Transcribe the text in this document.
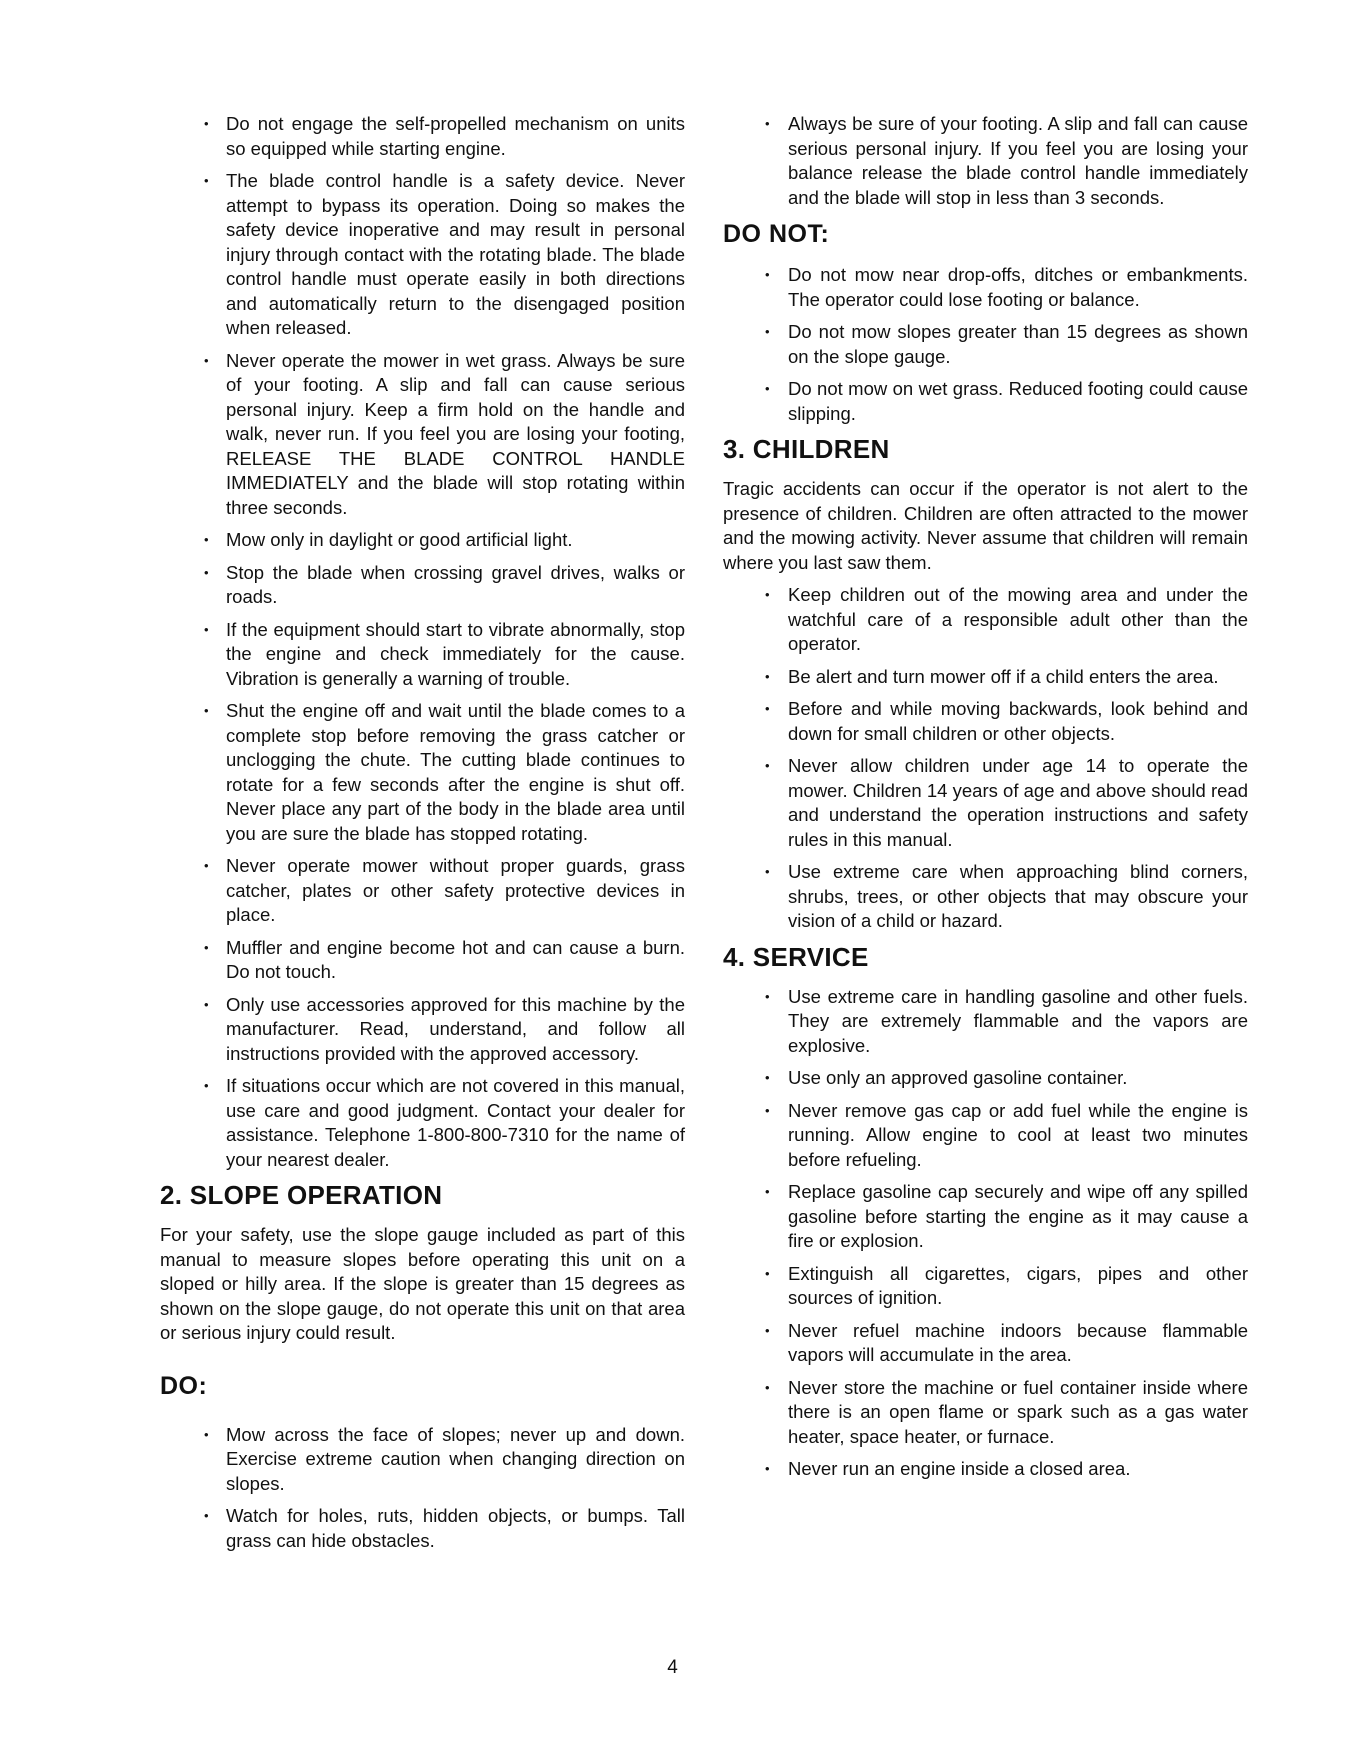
• Do not engage the self-propelled mechanism on units so equipped while starting engine.
• The blade control handle is a safety device. Never attempt to bypass its operation. Doing so makes the safety device inoperative and may result in personal injury through contact with the rotating blade. The blade control handle must operate easily in both directions and automatically return to the disengaged position when released.
• Never operate the mower in wet grass. Always be sure of your footing. A slip and fall can cause serious personal injury. Keep a firm hold on the handle and walk, never run. If you feel you are losing your footing, RELEASE THE BLADE CONTROL HANDLE IMMEDIATELY and the blade will stop rotating within three seconds.
• Mow only in daylight or good artificial light.
• Stop the blade when crossing gravel drives, walks or roads.
• If the equipment should start to vibrate abnormally, stop the engine and check immediately for the cause. Vibration is generally a warning of trouble.
• Shut the engine off and wait until the blade comes to a complete stop before removing the grass catcher or unclogging the chute. The cutting blade continues to rotate for a few seconds after the engine is shut off. Never place any part of the body in the blade area until you are sure the blade has stopped rotating.
• Never operate mower without proper guards, grass catcher, plates or other safety protective devices in place.
• Muffler and engine become hot and can cause a burn. Do not touch.
• Only use accessories approved for this machine by the manufacturer. Read, understand, and follow all instructions provided with the approved accessory.
• If situations occur which are not covered in this manual, use care and good judgment. Contact your dealer for assistance. Telephone 1-800-800-7310 for the name of your nearest dealer.
2. SLOPE OPERATION

For your safety, use the slope gauge included as part of this manual to measure slopes before operating this unit on a sloped or hilly area. If the slope is greater than 15 degrees as shown on the slope gauge, do not operate this unit on that area or serious injury could result.

DO:
• Mow across the face of slopes; never up and down. Exercise extreme caution when changing direction on slopes.
• Watch for holes, ruts, hidden objects, or bumps. Tall grass can hide obstacles.
• Always be sure of your footing. A slip and fall can cause serious personal injury. If you feel you are losing your balance release the blade control handle immediately and the blade will stop in less than 3 seconds.
DO NOT:
• Do not mow near drop-offs, ditches or embankments. The operator could lose footing or balance.
• Do not mow slopes greater than 15 degrees as shown on the slope gauge.
• Do not mow on wet grass. Reduced footing could cause slipping.
3. CHILDREN

Tragic accidents can occur if the operator is not alert to the presence of children. Children are often attracted to the mower and the mowing activity. Never assume that children will remain where you last saw them.

• Keep children out of the mowing area and under the watchful care of a responsible adult other than the operator.
• Be alert and turn mower off if a child enters the area.
• Before and while moving backwards, look behind and down for small children or other objects.
• Never allow children under age 14 to operate the mower. Children 14 years of age and above should read and understand the operation instructions and safety rules in this manual.
• Use extreme care when approaching blind corners, shrubs, trees, or other objects that may obscure your vision of a child or hazard.
4. SERVICE
• Use extreme care in handling gasoline and other fuels. They are extremely flammable and the vapors are explosive.
• Use only an approved gasoline container.
• Never remove gas cap or add fuel while the engine is running. Allow engine to cool at least two minutes before refueling.
• Replace gasoline cap securely and wipe off any spilled gasoline before starting the engine as it may cause a fire or explosion.
• Extinguish all cigarettes, cigars, pipes and other sources of ignition.
• Never refuel machine indoors because flammable vapors will accumulate in the area.
• Never store the machine or fuel container inside where there is an open flame or spark such as a gas water heater, space heater, or furnace.
• Never run an engine inside a closed area.
4
